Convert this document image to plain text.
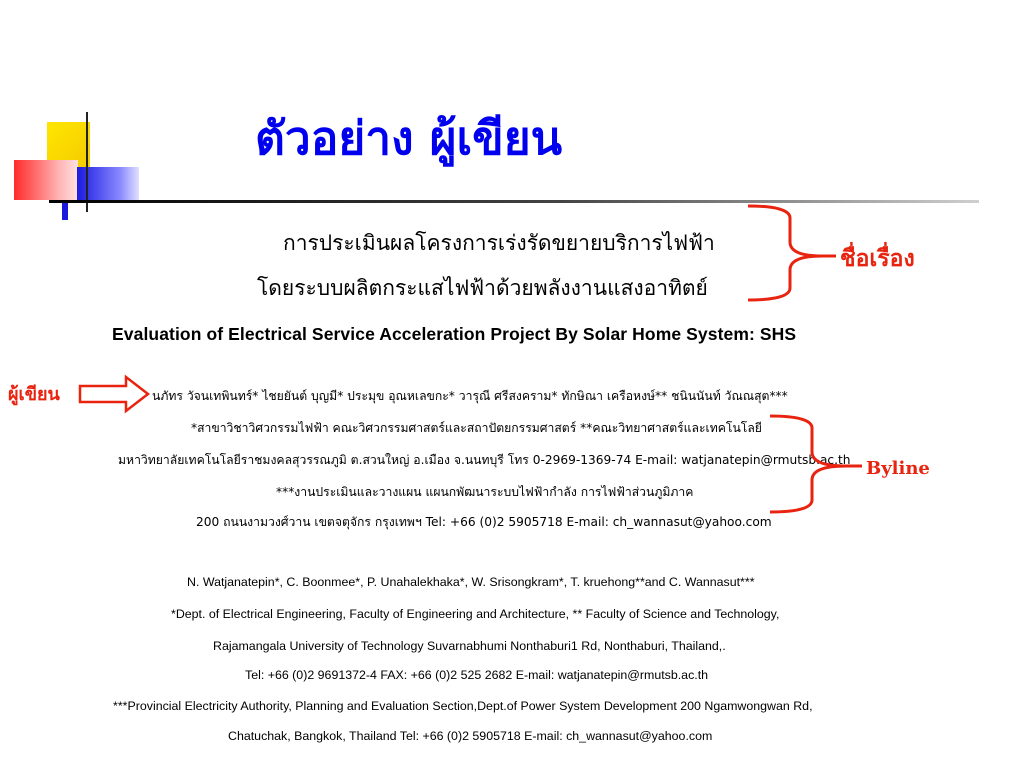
ตัวอย่าง ผู้เขียน
การประเมินผลโครงการเร่งรัดขยายบริการไฟฟ้า
โดยระบบผลิตกระแสไฟฟ้าด้วยพลังงานแสงอาทิตย์
Evaluation of Electrical Service Acceleration Project By Solar Home System: SHS
ชื่อเรื่อง
ผู้เขียน
Byline
นภัทร วัจนเทพินทร์* ไชยยันต์ บุญมี* ประมุข อุณหเลขกะ* วารุณี ศรีสงคราม* ทักษิณา เครือหงษ์** ชนินนันท์ วัณณสุต***
*สาขาวิชาวิศวกรรมไฟฟ้า คณะวิศวกรรมศาสตร์และสถาปัตยกรรมศาสตร์ **คณะวิทยาศาสตร์และเทคโนโลยี
มหาวิทยาลัยเทคโนโลยีราชมงคลสุวรรณภูมิ ต.สวนใหญ่ อ.เมือง จ.นนทบุรี โทร 0-2969-1369-74 E-mail: watjanatepin@rmutsb.ac.th
***งานประเมินและวางแผน แผนกพัฒนาระบบไฟฟ้ากำลัง การไฟฟ้าส่วนภูมิภาค
200 ถนนงามวงศ์วาน เขตจตุจักร กรุงเทพฯ Tel: +66 (0)2 5905718 E-mail: ch_wannasut@yahoo.com
N. Watjanatepin*, C. Boonmee*, P. Unahalekhaka*, W. Srisongkram*, T. kruehong**and C. Wannasut***
*Dept. of Electrical Engineering, Faculty of Engineering and Architecture, ** Faculty of Science and Technology,
Rajamangala University of Technology Suvarnabhumi Nonthaburi1 Rd, Nonthaburi, Thailand,.
Tel: +66 (0)2 9691372-4 FAX: +66 (0)2 525 2682 E-mail: watjanatepin@rmutsb.ac.th
***Provincial Electricity Authority, Planning and Evaluation Section,Dept.of Power System Development 200 Ngamwongwan Rd,
Chatuchak, Bangkok, Thailand Tel: +66 (0)2 5905718 E-mail: ch_wannasut@yahoo.com
